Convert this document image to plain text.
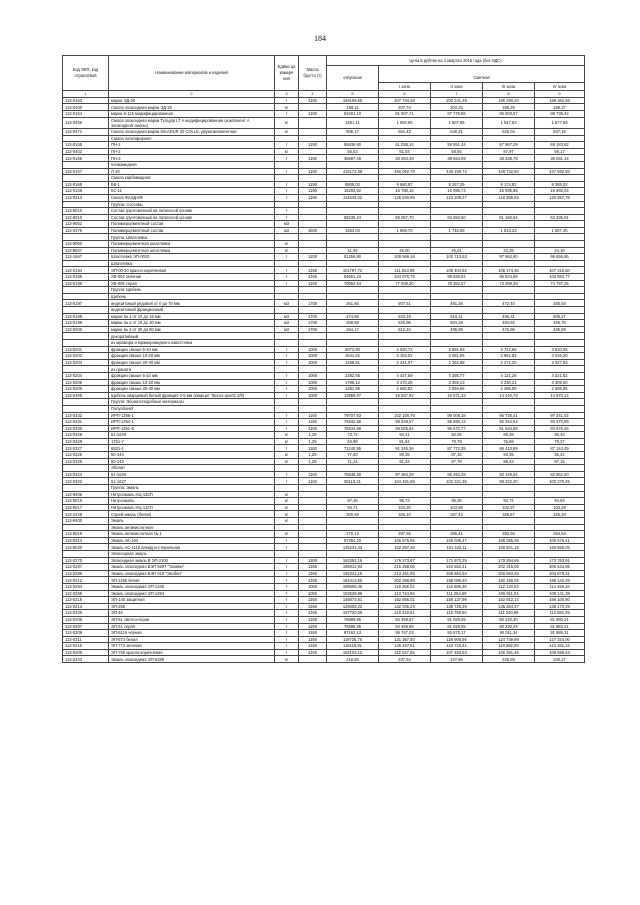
184
Код ОКП, код отраслевой	Наименование материалов и изделий	Едини ца измере ния	Масса брутто (т)	Цена в рублях на 4 квартал 2015 года (без НДС)				
				отпускная				
					Сметная			
					I зона	II зона	III зона	IV зона
1	2	3	4	5	6	7	8	9
113-0163	марки ЭД-20	т	1190	169109,65	207 734,48	203 241,49	195 290,20	199 362,56
113-0400	Смола эпоксидная марки ЭД-20	кг		189,11	207,74	203,25	195,29	199,37
113-0164	марки К-115 модифицированная	т	1190	83401,10	91 507,71	87 779,86	86 503,57	88 735,42
113-0456	Смола эпоксидная марки Tyrogrip LT A модифицированная (компонент А эпоксидной смолы)	кг		1501,11	1 650,85	1 607,85	1 547,83	1 577,69
113-0471	Смола эпоксидная марки SIKADUR 30 COLLE, двухкомпонентная	кг		606,17	661,43	649,31	625,04	637,16
	Смола полиэфирная:							
113-0165	ПН-1	т	1190	55636,60	61 038,14	58 551,44	57 967,29	59 183,82
113-0402	ПН-2	кг		55,63	61,04	58,55	57,97	59,17
113-0166	ПН-3	т	1190	36697,49	40 264,48	38 624,09	38 238,78	39 031,44
	полиамидная							
113-0167	Л-18	т	1190	415172,38	456 062,78	446 159,74	428 742,50	437 682,93
	Смола карбамидная:							
113-0168	ВК-1	т	1190	8805,02	9 660,87	9 267,29	9 174,82	9 365,02
113-0169	КС-11	т	1190	15293,92	16 780,16	16 096,74	15 935,98	16 266,04
113-0313	Смола ФАЭД-8Ф	т	1190	114643,32	125 930,95	123 209,27	118 399,03	120 857,78
	Группа: Составы							
113-9010	Состав грунтовочный на латексной основе	т						
113-8010	Состав грунтовочный на латексной основе	т		59235,24	65 057,70	63 650,60	61 160,64	62 435,81
113-9052	Полимерцементный состав	м3						
113-0376	Полимерцементный состав	м3	1500	1554,03	1 669,70	1 746,08	1 613,23	1 667,45
	Группа: Шпатлевка							
113-9060	Полимерцементная шпатлевка	кг						
113-8007	Полимерцементная шпатлевка	кг		41,94	46,00	45,01	43,25	44,16
113-1667	Шпатлевка ЭП-0010	т	1200	91256,80	108 969,16	103 713,53	97 963,80	99 656,86
	Шпатлевка:							
113-0194	ЭП-00-10 красно-коричневая	т	1260	101797,72	111 823,09	109 404,52	105 174,36	107 316,50
113-0195	ХВ-004 зеленая	т	1260	94651,23	104 070,79	99 830,94	95 834,99	102 853,77
113-0196	ХВ-005 серая	т	1260	70952,54	77 938,20	76 252,57	73 269,39	74 797,25
	Группа: Щебень							
	Щебень							
113-0197	андезитовый рядовой от 0 до 70 мм	м3	1700	261,65	507,51	491,26	472,40	480,93
	андезитовый фракционный							
113-0198	марки № 1 от 10 до 15 мм	м3	1700	274,88	533,19	516,11	496,31	505,27
113-0199	марки № 2 от 15 до 30 мм	м3	1700	268,59	520,96	504,28	484,92	496,75
113-0200	марки № 3 от 30 до 60 мм	м3	1700	264,17	512,40	495,99	476,96	485,59
	декоративный							
	из мрамора и мраморовидного известняка							
113-0201	фракции свыше 5-10 мм	т	1000	2072,90	4 020,72	3 891,93	3 742,56	3 810,06
113-0202	фракции свыше 10-20 мм	т	1000	1641,02	3 183,02	3 081,06	2 962,82	3 016,20
113-0203	фракции свыше 20-40 мм	т	1000	1258,51	2 441,07	2 362,88	2 272,20	2 327,53
	из гранита							
113-0204	фракции свыше 5-10 мм	т	1000	2282,66	4 427,59	4 285,77	4 121,28	4 221,82
113-0205	фракции свыше 10-20 мм	т	1000	1788,12	3 470,28	3 359,13	3 230,21	3 309,00
113-0206	фракции свыше 20-40 мм	т	1000	1381,95	2 680,52	2 594,66	2 495,08	2 555,95
113-0465	Щебень кварцевый белый фракция 2-5 мм (кварцит Taurus-quartz 2/5)	т	1000	13858,67	16 537,92	15 571,43	14 440,73	14 870,14
	Группа: Эбонитоподобные материалы							
	Полуэбонит							
113-0332	ИРП-1395-1	т	1160	79707,93	102 156,76	99 008,18	95 735,41	97 241,02
113-0331	ИРП-1394-1	т	1160	76942,56	98 648,57	95 590,12	92 344,53	94 370,89
113-0330	ИРП-1391-8	т	1160	76534,89	98 025,84	95 570,77	91 634,98	93 576,46
113-0328	51-1629	кг	1,29	73,72	94,41	92,05	88,48	90,43
113-0329	1751-7	кг	1,29	63,89	81,84	79,78	76,69	78,37
113-0327	6931-1	т	1160	71240,95	91 245,36	87 772,35	86 410,99	87 144,49
113-0326	50-344	кг	1,29	77,60	99,35	97,15	93,35	95,42
113-0325	50-343	кг	1,29	71,24	91,24	87,78	86,43	87,15
	Эбонит							
113-0323	51-1626	т	1160	75548,60	87 364,28	85 494,28	82 149,54	83 862,60
113-0322	51-1627	т	1160	85118,21	104 481,66	102 221,35	98 222,20	100 270,45
	Группа: Эмаль							
113-9406	Нитроэмаль НЦ-132П	кг						
113-8016	Нитроэмаль	кг		87,45	96,73	95,36	94,74	94,93
113-8017	Нитроэмаль НЦ-132П	кг		94,71	104,30	103,58	102,97	103,29
113-2428	Спрей-эмаль (белая)	кг		300,69	326,10	327,43	325,67	326,33
113-9400	Эмаль	кг						
	Эмаль антикислотная:							
113-8019	Эмаль антикислотная № 1	кг		270,13	297,65	295,41	293,66	294,54
113-0314	Эмаль АК-194	т		97364,20	106 575,55	106 035,47	105 355,38	105 675,41
113-8020	Эмаль АС-1115 алкидно-стирольная	т		145233,43	162 257,38	161 433,11	160 501,18	160 666,05
	Эпоксидная эмаль							
113-0270	Эпоксидная эмаль В ЭП-2100	т	1300	163392,16	176 273,87	171 970,25	170 294,65	173 763,91
113-0287	Эмаль эпоксидная БЭП 5297 "Эковин"	т	1260	195912,93	215 258,06	210 553,41	202 316,06	206 534,95
113-0286	Эмаль эпоксидная БЭП 610 "Экобен"	т	1260	194341,15	213 461,85	208 864,54	200 663,26	204 878,31
113-0212	ЭП-1155 белая	т	1260	184413,60	202 358,89	198 095,40	192 159,05	196 142,39
113-0284	Эмаль эпоксидная ЭП-1236	т	1000	108605,45	119 265,02	116 685,35	112 120,53	114 458,16
113-0285	Эмаль эпоксидная ЭП-1294	т	1000	103529,85	113 724,56	111 264,69	106 911,04	109 141,38
113-0215	ЭП-140 защитная	т	1260	148073,61	162 656,01	159 137,99	152 912,14	156 100,80
113-0214	ЭП-255	т	1260	129008,22	142 035,29	138 725,39	135 364,37	138 170,39
113-0346	ЭП-46	т	1260	107720,69	118 318,61	115 759,60	111 230,98	113 550,39
113-0208	ЭП-51 светло-серая	т	1260	76998,85	84 459,57	81 028,05	80 220,30	81 880,21
113-0207	ЭП-51 серая	т	1260	76998,85	84 469,96	81 028,05	80 220,29	81 883,21
113-0209	ЭП-5116 черная	т	1260	87163,13	95 747,03	93 676,17	90 011,34	91 886,31
113-0211	ЭП-574 белая	т	1260	118725,75	131 357,80	126 906,56	124 749,89	127 334,00
113-0210	ЭП-773 зеленая	т	1260	115119,91	126 457,51	123 722,41	118 882,00	121 361,16
113-0209	ЭП-755 красно-коричневая	т	1260	102103,12	112 027,55	107 483,53	106 391,46	108 598,43
113-0443	Эмаль эпоксидная ЭП-5285	кг		218,50	237,54	227,86	225,59	230,27
